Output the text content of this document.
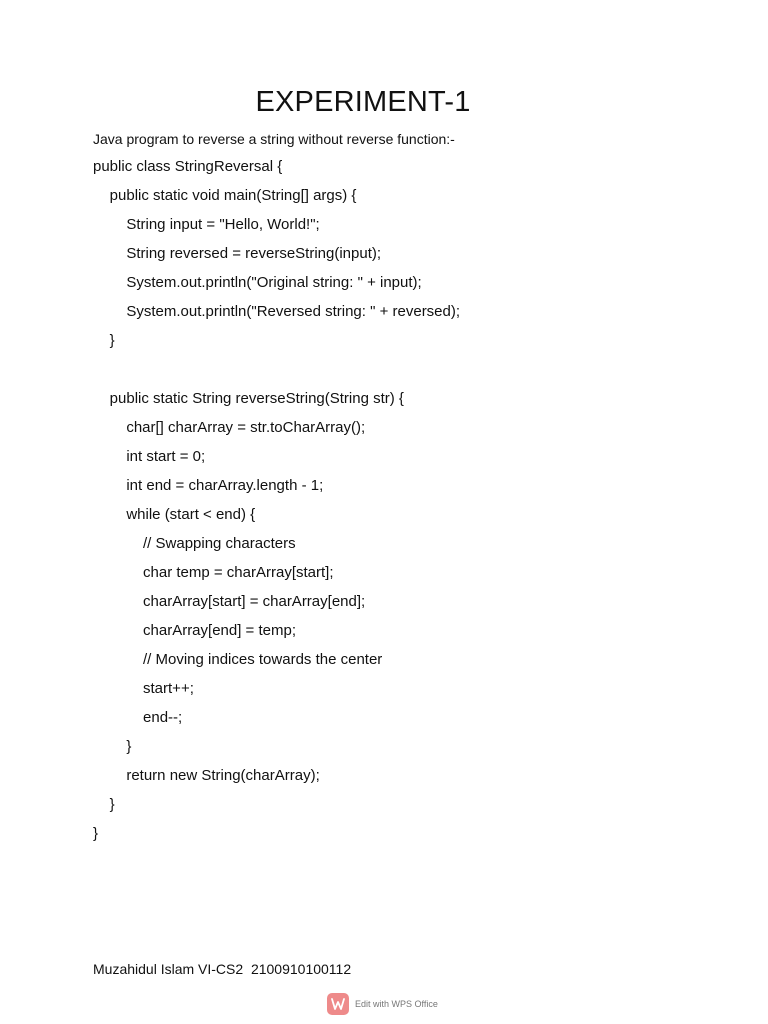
EXPERIMENT-1
Java program to reverse a string without reverse function:-
public class StringReversal {
public static void main(String[] args) {
String input = "Hello, World!";
String reversed = reverseString(input);
System.out.println("Original string: " + input);
System.out.println("Reversed string: " + reversed);
}
public static String reverseString(String str) {
char[] charArray = str.toCharArray();
int start = 0;
int end = charArray.length - 1;
while (start < end) {
// Swapping characters
char temp = charArray[start];
charArray[start] = charArray[end];
charArray[end] = temp;
// Moving indices towards the center
start++;
end--;
}
return new String(charArray);
}
}
Muzahidul Islam VI-CS2  2100910100112
Edit with WPS Office
